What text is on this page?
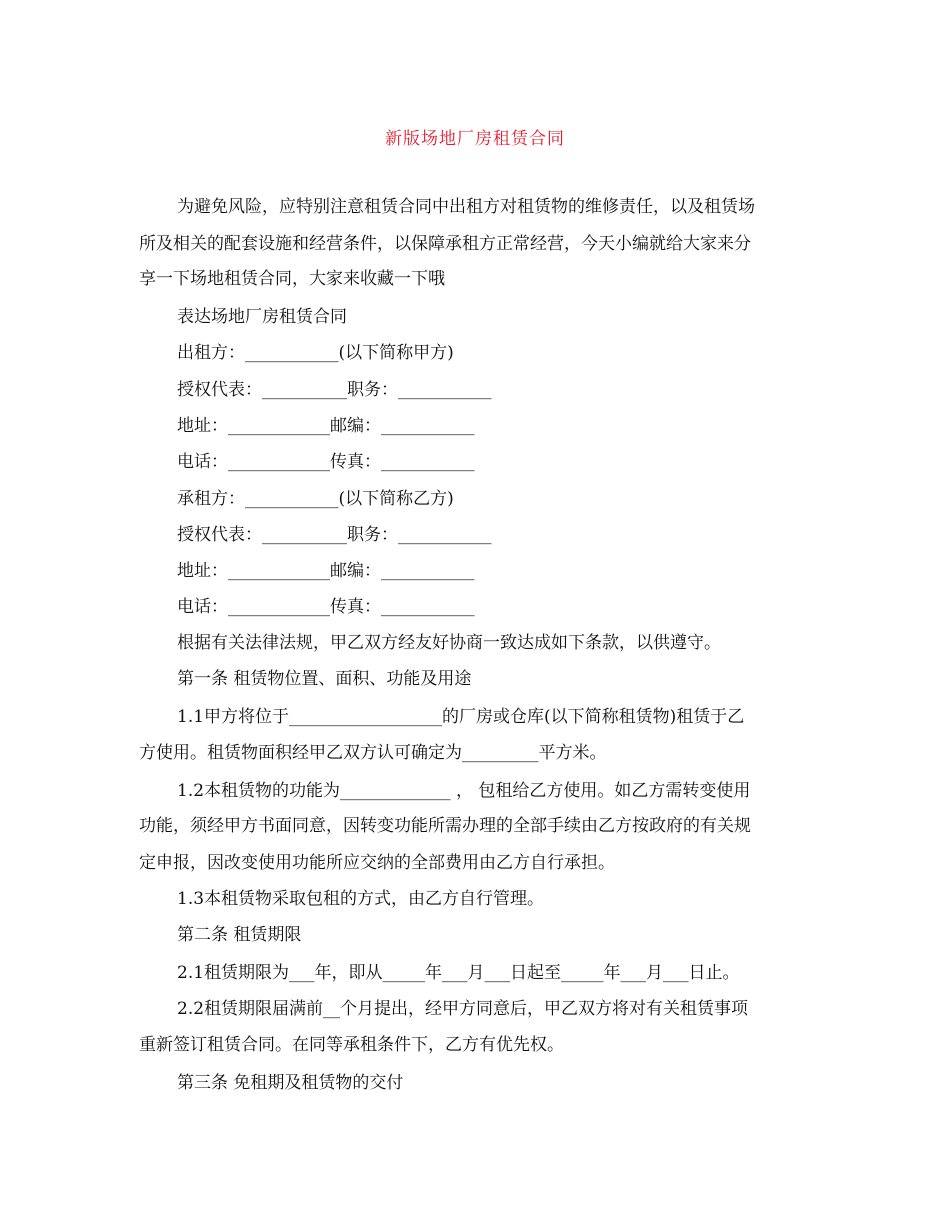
新版场地厂房租赁合同
为避免风险，应特别注意租赁合同中出租方对租赁物的维修责任，以及租赁场
所及相关的配套设施和经营条件，以保障承租方正常经营，今天小编就给大家来分
享一下场地租赁合同，大家来收藏一下哦
表达场地厂房租赁合同
出租方：___________(以下简称甲方)
授权代表：__________职务：___________
地址：____________邮编：___________
电话：____________传真：___________
承租方：___________(以下简称乙方)
授权代表：__________职务：___________
地址：____________邮编：___________
电话：____________传真：___________
根据有关法律法规，甲乙双方经友好协商一致达成如下条款，以供遵守。
第一条 租赁物位置、面积、功能及用途
1.1甲方将位于__________________的厂房或仓库(以下简称租赁物)租赁于乙
方使用。租赁物面积经甲乙双方认可确定为_________平方米。
1.2本租赁物的功能为_____________ ， 包租给乙方使用。如乙方需转变使用
功能，须经甲方书面同意，因转变功能所需办理的全部手续由乙方按政府的有关规
定申报，因改变使用功能所应交纳的全部费用由乙方自行承担。
1.3本租赁物采取包租的方式，由乙方自行管理。
第二条 租赁期限
2.1租赁期限为___年，即从_____年___月___日起至_____年___月___日止。
2.2租赁期限届满前__个月提出，经甲方同意后，甲乙双方将对有关租赁事项
重新签订租赁合同。在同等承租条件下，乙方有优先权。
第三条 免租期及租赁物的交付
